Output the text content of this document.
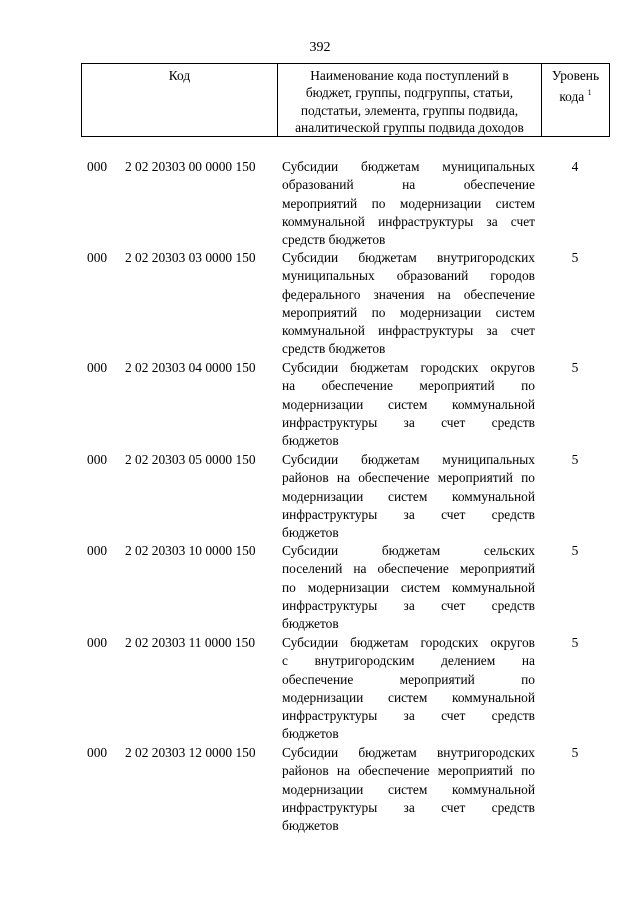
392
Код	Наименование кода поступлений в
бюджет, группы, подгруппы, статьи,
подстатьи, элемента, группы подвида,
аналитической группы подвида доходов
Уровень
кода $^1$
000	2 02 20303 00 0000 150	Субсидии бюджетам муниципальных
образований на обеспечение
мероприятий по модернизации систем
коммунальной инфраструктуры за счет
средств бюджетов
4
000	2 02 20303 03 0000 150	Субсидии бюджетам внутригородских
муниципальных образований городов
федерального значения на обеспечение
мероприятий по модернизации систем
коммунальной инфраструктуры за счет
средств бюджетов
5
000	2 02 20303 04 0000 150	Субсидии бюджетам городских округов
на обеспечение мероприятий по
модернизации систем коммунальной
инфраструктуры за счет средств
бюджетов
5
000	2 02 20303 05 0000 150	Субсидии бюджетам муниципальных
районов на обеспечение мероприятий по
модернизации систем коммунальной
инфраструктуры за счет средств
бюджетов
5
000	2 02 20303 10 0000 150	Субсидии бюджетам сельских
поселений на обеспечение мероприятий
по модернизации систем коммунальной
инфраструктуры за счет средств
бюджетов
5
000	2 02 20303 11 0000 150	Субсидии бюджетам городских округов
с внутригородским делением на
обеспечение мероприятий по
модернизации систем коммунальной
инфраструктуры за счет средств
бюджетов
5
000	2 02 20303 12 0000 150	Субсидии бюджетам внутригородских
районов на обеспечение мероприятий по
модернизации систем коммунальной
инфраструктуры за счет средств
бюджетов
5
